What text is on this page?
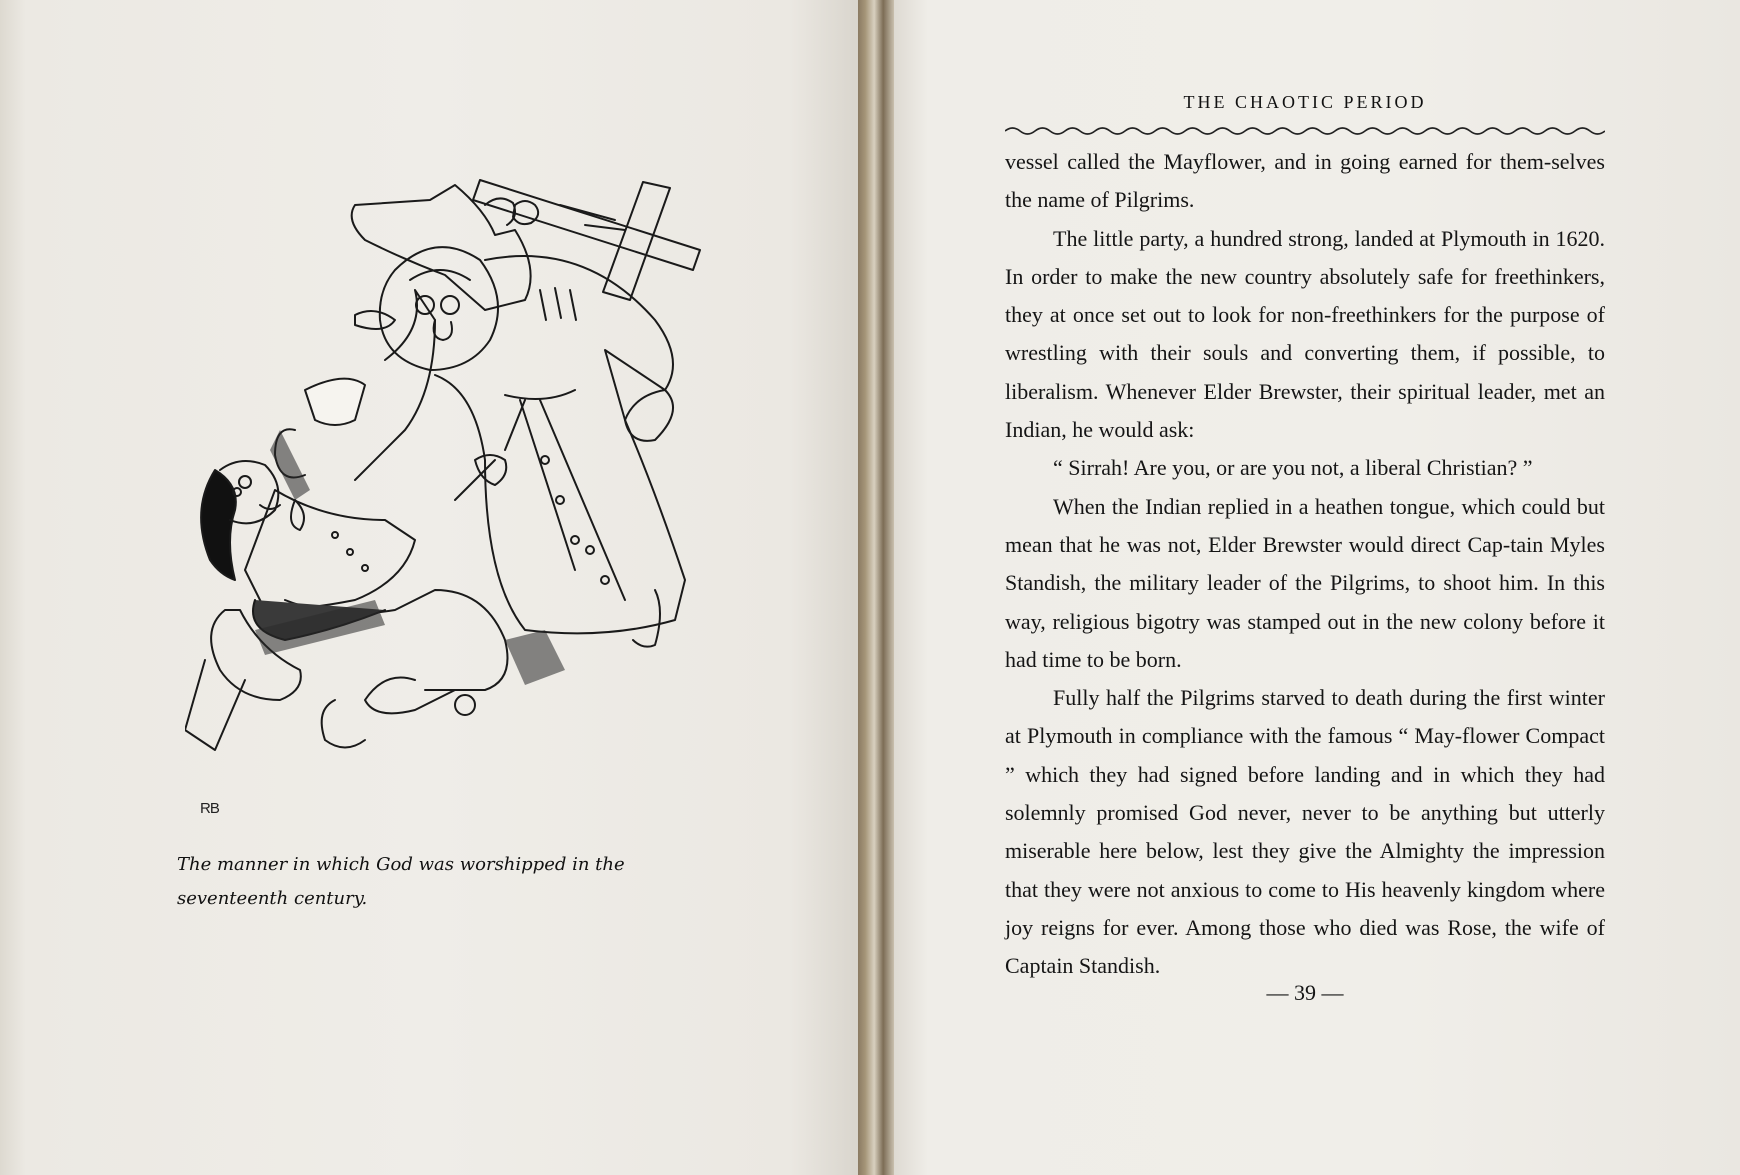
RB
The manner in which God was worshipped in the seventeenth century.
THE CHAOTIC PERIOD

vessel called the Mayflower, and in going earned for them-selves the name of Pilgrims.

The little party, a hundred strong, landed at Plymouth in 1620. In order to make the new country absolutely safe for freethinkers, they at once set out to look for non-freethinkers for the purpose of wrestling with their souls and converting them, if possible, to liberalism. Whenever Elder Brewster, their spiritual leader, met an Indian, he would ask:

“ Sirrah! Are you, or are you not, a liberal Christian? ”

When the Indian replied in a heathen tongue, which could but mean that he was not, Elder Brewster would direct Cap-tain Myles Standish, the military leader of the Pilgrims, to shoot him. In this way, religious bigotry was stamped out in the new colony before it had time to be born.

Fully half the Pilgrims starved to death during the first winter at Plymouth in compliance with the famous “ May-flower Compact ” which they had signed before landing and in which they had solemnly promised God never, never to be anything but utterly miserable here below, lest they give the Almighty the impression that they were not anxious to come to His heavenly kingdom where joy reigns for ever. Among those who died was Rose, the wife of Captain Standish.

— 39 —
